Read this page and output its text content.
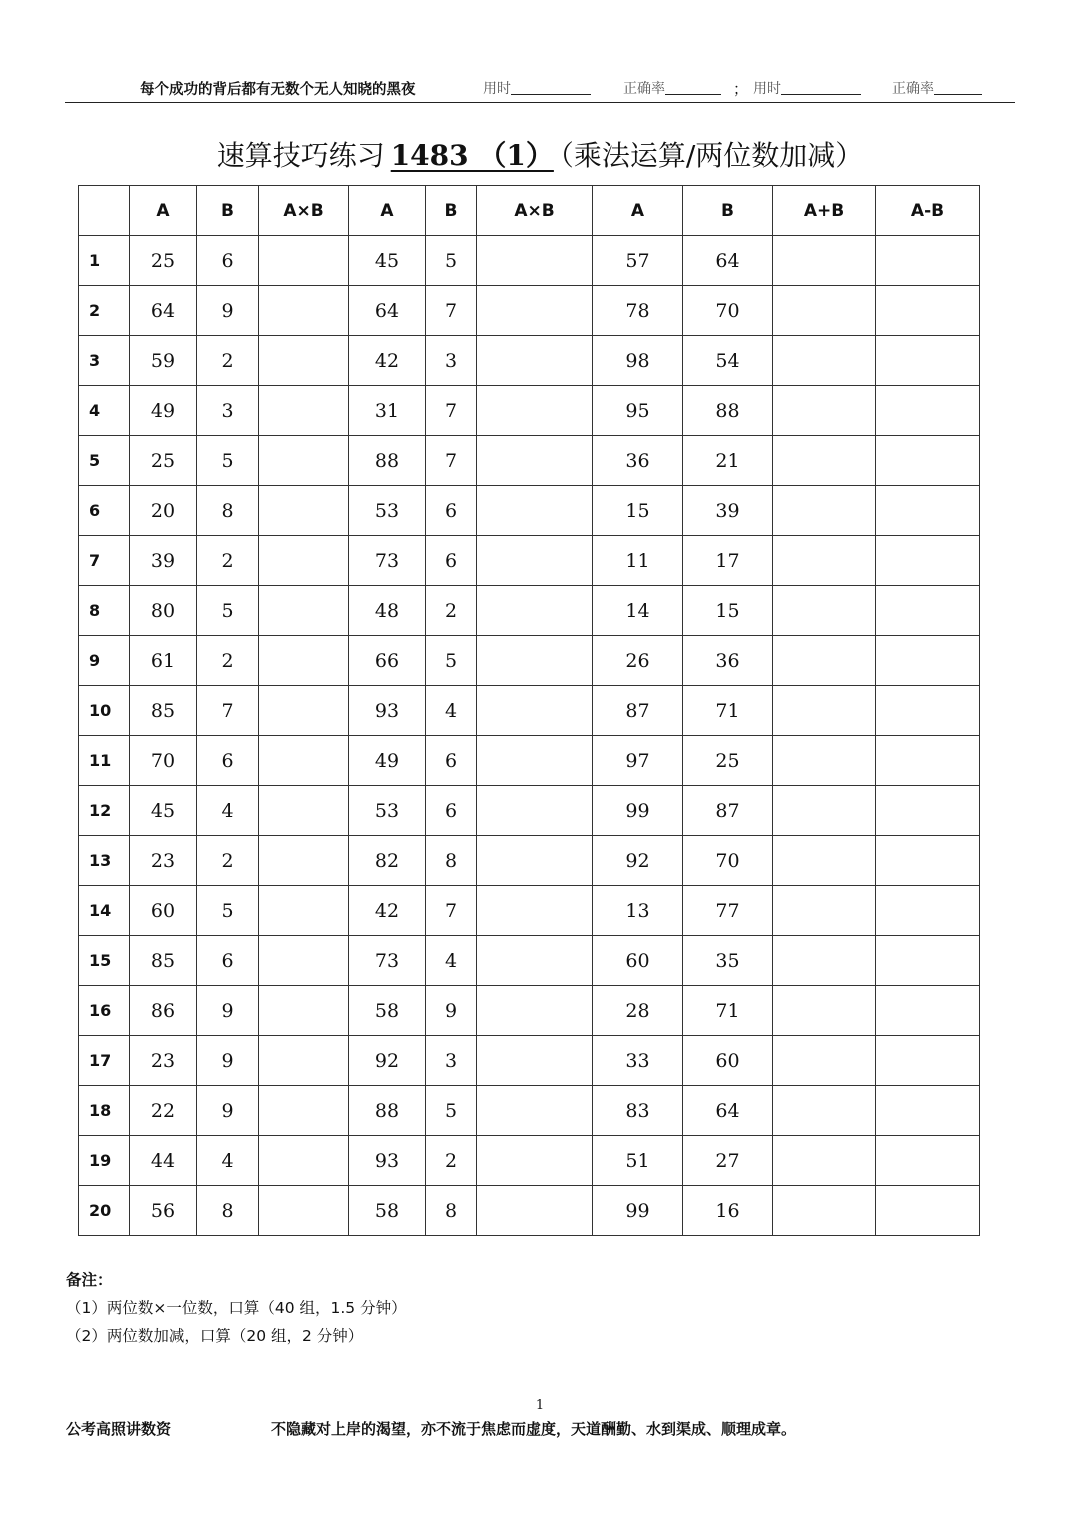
每个成功的背后都有无数个无人知晓的黑夜	用时	正确率	； 用时	正确率
速算技巧练习 1483 （1） （乘法运算/两位数加减）
	A	B	A×B	A	B	A×B	A	B	A+B	A-B
1	25	6		45	5		57	64		
2	64	9		64	7		78	70		
3	59	2		42	3		98	54		
4	49	3		31	7		95	88		
5	25	5		88	7		36	21		
6	20	8		53	6		15	39		
7	39	2		73	6		11	17		
8	80	5		48	2		14	15		
9	61	2		66	5		26	36		
10	85	7		93	4		87	71		
11	70	6		49	6		97	25		
12	45	4		53	6		99	87		
13	23	2		82	8		92	70		
14	60	5		42	7		13	77		
15	85	6		73	4		60	35		
16	86	9		58	9		28	71		
17	23	9		92	3		33	60		
18	22	9		88	5		83	64		
19	44	4		93	2		51	27		
20	56	8		58	8		99	16		
备注：
（1）两位数×一位数，口算（40 组，1.5 分钟）
（2）两位数加减，口算（20 组，2 分钟）
1
公考高照讲数资	不隐藏对上岸的渴望，亦不流于焦虑而虚度，天道酬勤、水到渠成、顺理成章。
